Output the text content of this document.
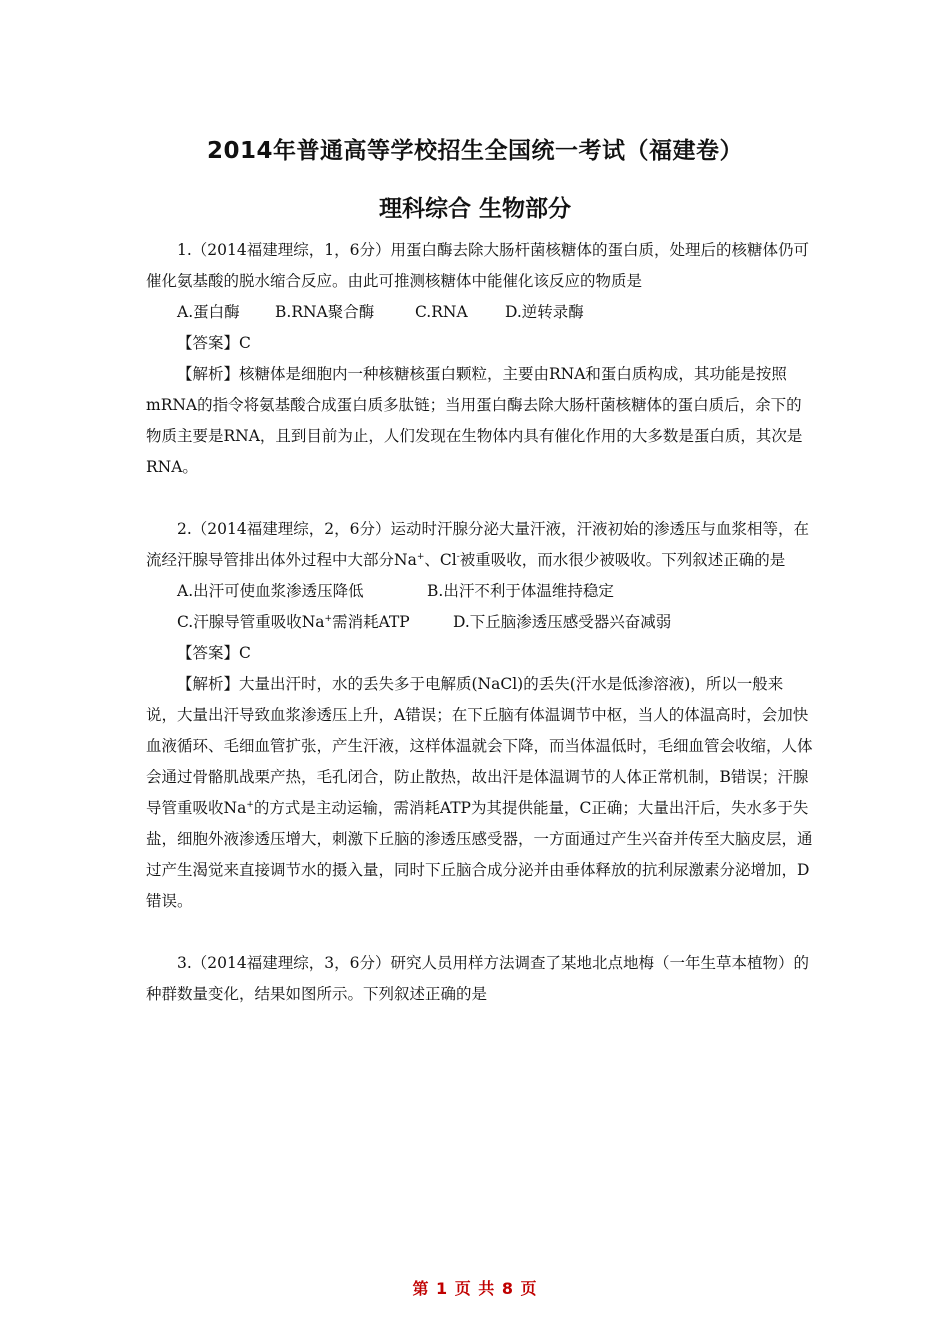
2014年普通高等学校招生全国统一考试（福建卷）
理科综合 生物部分

1.（2014福建理综，1，6分）用蛋白酶去除大肠杆菌核糖体的蛋白质，处理后的核糖体仍可催化氨基酸的脱水缩合反应。由此可推测核糖体中能催化该反应的物质是

A.蛋白酶 B.RNA聚合酶	C.RNA D.逆转录酶

【答案】C

【解析】核糖体是细胞内一种核糖核蛋白颗粒，主要由RNA和蛋白质构成，其功能是按照mRNA的指令将氨基酸合成蛋白质多肽链；当用蛋白酶去除大肠杆菌核糖体的蛋白质后，余下的物质主要是RNA，且到目前为止，人们发现在生物体内具有催化作用的大多数是蛋白质，其次是RNA。

2.（2014福建理综，2，6分）运动时汗腺分泌大量汗液，汗液初始的渗透压与血浆相等，在流经汗腺导管排出体外过程中大部分Na+、Cl-被重吸收，而水很少被吸收。下列叙述正确的是

A.出汗可使血浆渗透压降低	B.出汗不利于体温维持稳定
C.汗腺导管重吸收Na+需消耗ATP	D.下丘脑渗透压感受器兴奋减弱

【答案】C

【解析】大量出汗时，水的丢失多于电解质(NaCl)的丢失(汗水是低渗溶液)，所以一般来说，大量出汗导致血浆渗透压上升，A错误；在下丘脑有体温调节中枢，当人的体温高时，会加快血液循环、毛细血管扩张，产生汗液，这样体温就会下降，而当体温低时，毛细血管会收缩，人体会通过骨骼肌战栗产热，毛孔闭合，防止散热，故出汗是体温调节的人体正常机制，B错误；汗腺导管重吸收Na+的方式是主动运输，需消耗ATP为其提供能量，C正确；大量出汗后，失水多于失盐，细胞外液渗透压增大，刺激下丘脑的渗透压感受器，一方面通过产生兴奋并传至大脑皮层，通过产生渴觉来直接调节水的摄入量，同时下丘脑合成分泌并由垂体释放的抗利尿激素分泌增加，D错误。

3.（2014福建理综，3，6分）研究人员用样方法调查了某地北点地梅（一年生草本植物）的种群数量变化，结果如图所示。下列叙述正确的是

第 1 页 共 8 页
